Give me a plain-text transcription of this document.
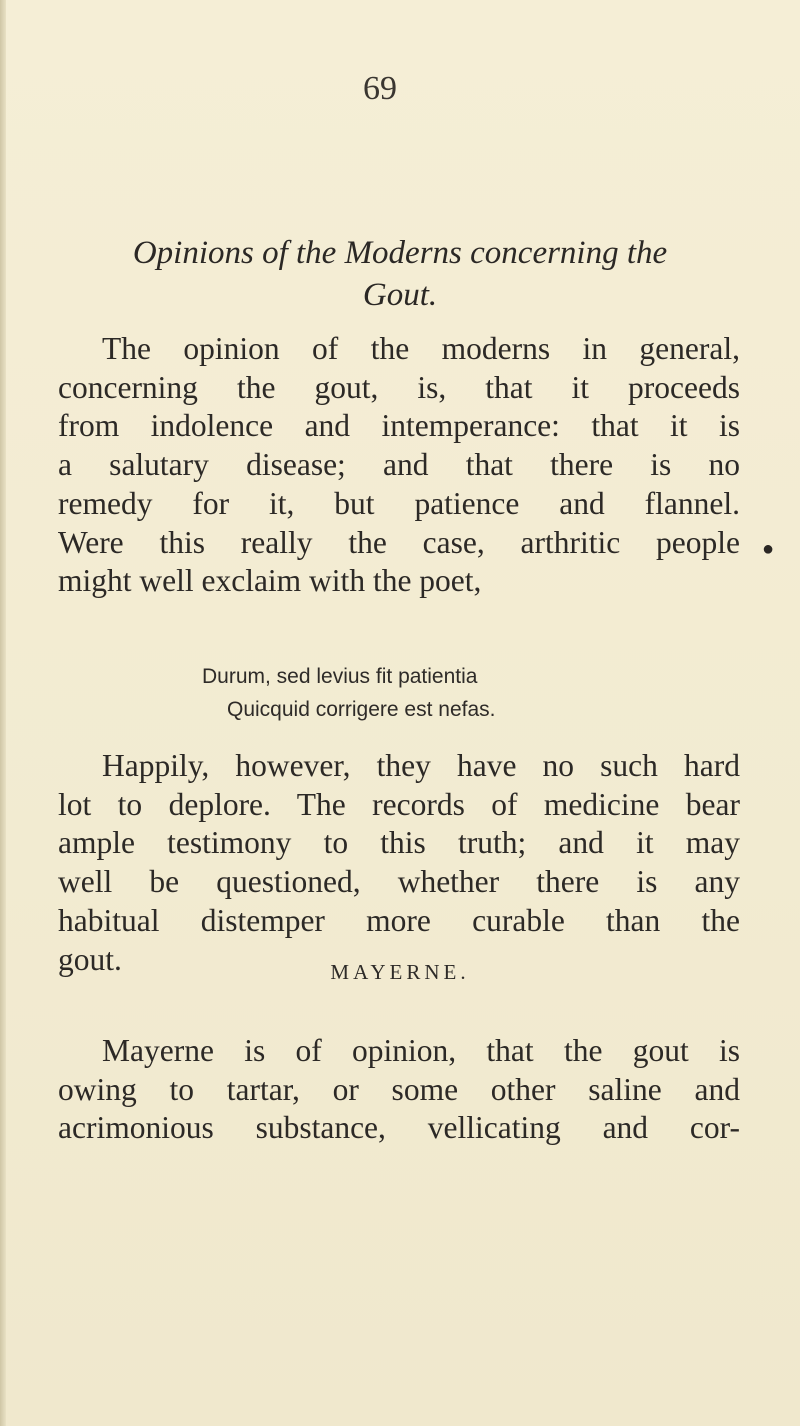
69
Opinions of the Moderns concerning the
Gout.
The opinion of the moderns in general,
concerning the gout, is, that it proceeds
from indolence and intemperance: that it is
a salutary disease; and that there is no
remedy for it, but patience and flannel.
Were this really the case, arthritic people
might well exclaim with the poet,
Durum, sed levius fit patientia
Quicquid corrigere est nefas.
Happily, however, they have no such hard
lot to deplore. The records of medicine bear
ample testimony to this truth; and it may
well be questioned, whether there is any
habitual distemper more curable than the
gout.	MAYERNE.
Mayerne is of opinion, that the gout is
owing to tartar, or some other saline and
acrimonious substance, vellicating and cor-
●
